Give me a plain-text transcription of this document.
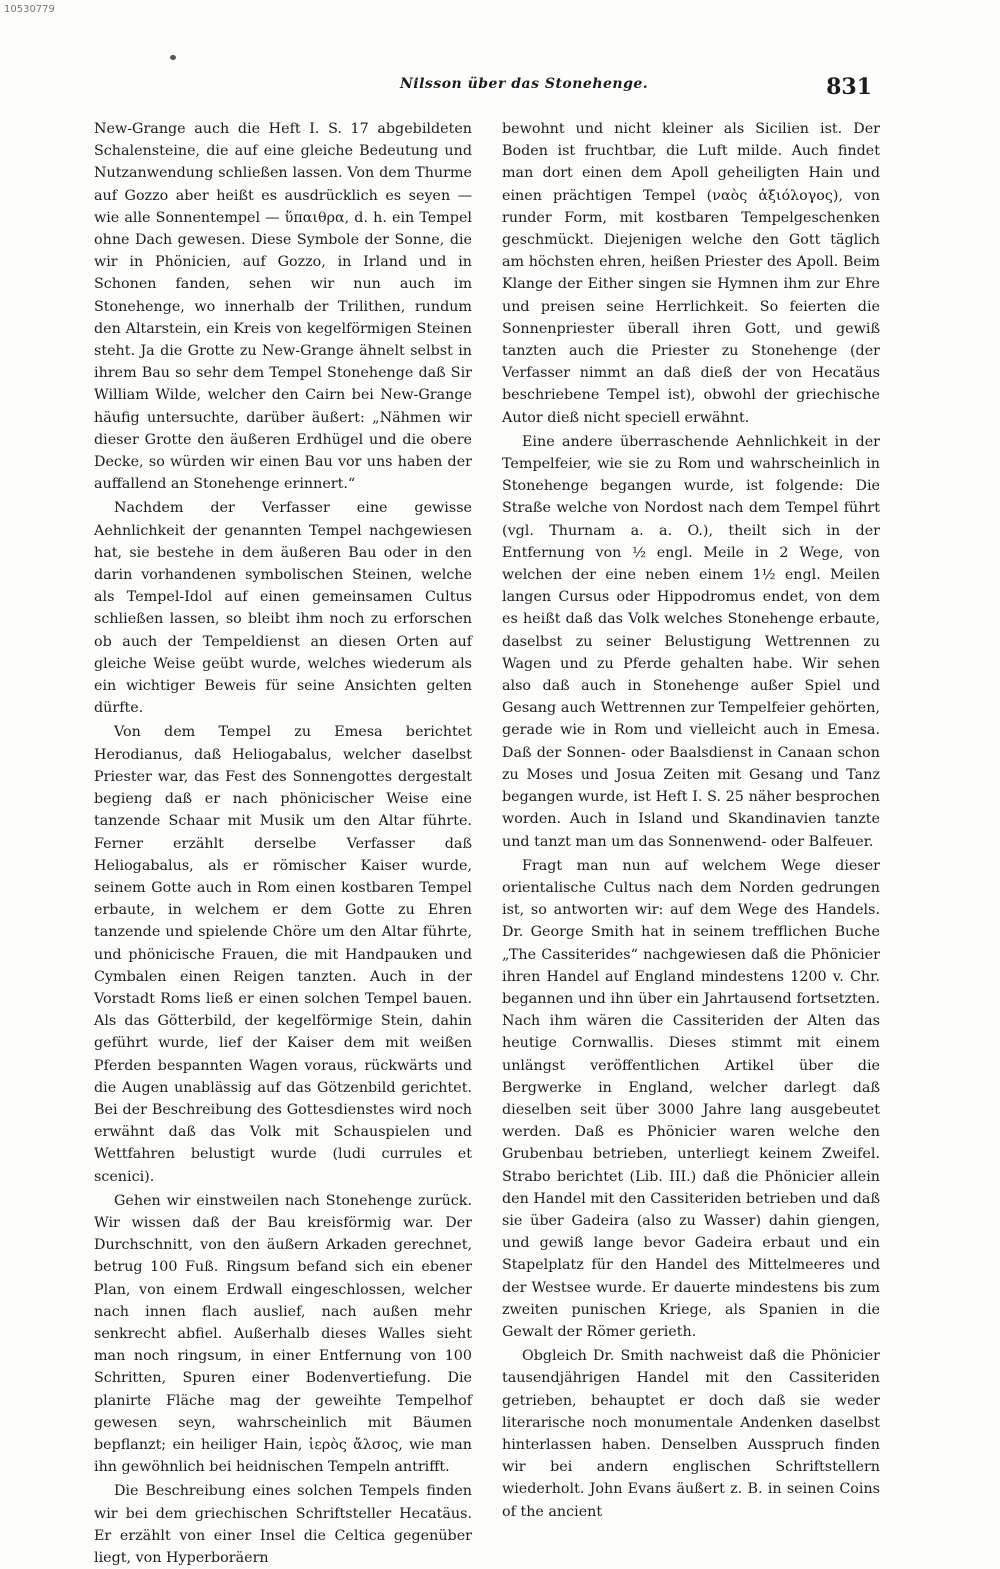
10530779
Nilsson über das Stonehenge.	831

New-Grange auch die Heft I. S. 17 abgebildeten Schalensteine, die auf eine gleiche Bedeutung und Nutzanwendung schließen lassen. Von dem Thurme auf Gozzo aber heißt es ausdrücklich es seyen — wie alle Sonnentempel — ὕπαιθρα, d. h. ein Tempel ohne Dach gewesen. Diese Symbole der Sonne, die wir in Phönicien, auf Gozzo, in Irland und in Schonen fanden, sehen wir nun auch im Stonehenge, wo innerhalb der Trilithen, rundum den Altarstein, ein Kreis von kegelförmigen Steinen steht. Ja die Grotte zu New-Grange ähnelt selbst in ihrem Bau so sehr dem Tempel Stonehenge daß Sir William Wilde, welcher den Cairn bei New-Grange häufig untersuchte, darüber äußert: „Nähmen wir dieser Grotte den äußeren Erdhügel und die obere Decke, so würden wir einen Bau vor uns haben der auffallend an Stonehenge erinnert.“

Nachdem der Verfasser eine gewisse Aehnlichkeit der genannten Tempel nachgewiesen hat, sie bestehe in dem äußeren Bau oder in den darin vorhandenen symbolischen Steinen, welche als Tempel-Idol auf einen gemeinsamen Cultus schließen lassen, so bleibt ihm noch zu erforschen ob auch der Tempeldienst an diesen Orten auf gleiche Weise geübt wurde, welches wiederum als ein wichtiger Beweis für seine Ansichten gelten dürfte.

Von dem Tempel zu Emesa berichtet Herodianus, daß Heliogabalus, welcher daselbst Priester war, das Fest des Sonnengottes dergestalt begieng daß er nach phönicischer Weise eine tanzende Schaar mit Musik um den Altar führte. Ferner erzählt derselbe Verfasser daß Heliogabalus, als er römischer Kaiser wurde, seinem Gotte auch in Rom einen kostbaren Tempel erbaute, in welchem er dem Gotte zu Ehren tanzende und spielende Chöre um den Altar führte, und phönicische Frauen, die mit Handpauken und Cymbalen einen Reigen tanzten. Auch in der Vorstadt Roms ließ er einen solchen Tempel bauen. Als das Götterbild, der kegelförmige Stein, dahin geführt wurde, lief der Kaiser dem mit weißen Pferden bespannten Wagen voraus, rückwärts und die Augen unablässig auf das Götzenbild gerichtet. Bei der Beschreibung des Gottesdienstes wird noch erwähnt daß das Volk mit Schauspielen und Wettfahren belustigt wurde (ludi currules et scenici).

Gehen wir einstweilen nach Stonehenge zurück. Wir wissen daß der Bau kreisförmig war. Der Durchschnitt, von den äußern Arkaden gerechnet, betrug 100 Fuß. Ringsum befand sich ein ebener Plan, von einem Erdwall eingeschlossen, welcher nach innen flach auslief, nach außen mehr senkrecht abfiel. Außerhalb dieses Walles sieht man noch ringsum, in einer Entfernung von 100 Schritten, Spuren einer Bodenvertiefung. Die planirte Fläche mag der geweihte Tempelhof gewesen seyn, wahrscheinlich mit Bäumen bepflanzt; ein heiliger Hain, ἱερὸς ἄλσος, wie man ihn gewöhnlich bei heidnischen Tempeln antrifft.

Die Beschreibung eines solchen Tempels finden wir bei dem griechischen Schriftsteller Hecatäus. Er erzählt von einer Insel die Celtica gegenüber liegt, von Hyperboräern

bewohnt und nicht kleiner als Sicilien ist. Der Boden ist fruchtbar, die Luft milde. Auch findet man dort einen dem Apoll geheiligten Hain und einen prächtigen Tempel (ναὸς ἀξιόλογος), von runder Form, mit kostbaren Tempelgeschenken geschmückt. Diejenigen welche den Gott täglich am höchsten ehren, heißen Priester des Apoll. Beim Klange der Either singen sie Hymnen ihm zur Ehre und preisen seine Herrlichkeit. So feierten die Sonnenpriester überall ihren Gott, und gewiß tanzten auch die Priester zu Stonehenge (der Verfasser nimmt an daß dieß der von Hecatäus beschriebene Tempel ist), obwohl der griechische Autor dieß nicht speciell erwähnt.

Eine andere überraschende Aehnlichkeit in der Tempelfeier, wie sie zu Rom und wahrscheinlich in Stonehenge begangen wurde, ist folgende: Die Straße welche von Nordost nach dem Tempel führt (vgl. Thurnam a. a. O.), theilt sich in der Entfernung von ½ engl. Meile in 2 Wege, von welchen der eine neben einem 1½ engl. Meilen langen Cursus oder Hippodromus endet, von dem es heißt daß das Volk welches Stonehenge erbaute, daselbst zu seiner Belustigung Wettrennen zu Wagen und zu Pferde gehalten habe. Wir sehen also daß auch in Stonehenge außer Spiel und Gesang auch Wettrennen zur Tempelfeier gehörten, gerade wie in Rom und vielleicht auch in Emesa. Daß der Sonnen- oder Baalsdienst in Canaan schon zu Moses und Josua Zeiten mit Gesang und Tanz begangen wurde, ist Heft I. S. 25 näher besprochen worden. Auch in Island und Skandinavien tanzte und tanzt man um das Sonnenwend- oder Balfeuer.

Fragt man nun auf welchem Wege dieser orientalische Cultus nach dem Norden gedrungen ist, so antworten wir: auf dem Wege des Handels. Dr. George Smith hat in seinem trefflichen Buche „The Cassiterides“ nachgewiesen daß die Phönicier ihren Handel auf England mindestens 1200 v. Chr. begannen und ihn über ein Jahrtausend fortsetzten. Nach ihm wären die Cassiteriden der Alten das heutige Cornwallis. Dieses stimmt mit einem unlängst veröffentlichen Artikel über die Bergwerke in England, welcher darlegt daß dieselben seit über 3000 Jahre lang ausgebeutet werden. Daß es Phönicier waren welche den Grubenbau betrieben, unterliegt keinem Zweifel. Strabo berichtet (Lib. III.) daß die Phönicier allein den Handel mit den Cassiteriden betrieben und daß sie über Gadeira (also zu Wasser) dahin giengen, und gewiß lange bevor Gadeira erbaut und ein Stapelplatz für den Handel des Mittelmeeres und der Westsee wurde. Er dauerte mindestens bis zum zweiten punischen Kriege, als Spanien in die Gewalt der Römer gerieth.

Obgleich Dr. Smith nachweist daß die Phönicier tausendjährigen Handel mit den Cassiteriden getrieben, behauptet er doch daß sie weder literarische noch monumentale Andenken daselbst hinterlassen haben. Denselben Ausspruch finden wir bei andern englischen Schriftstellern wiederholt. John Evans äußert z. B. in seinen Coins of the ancient
